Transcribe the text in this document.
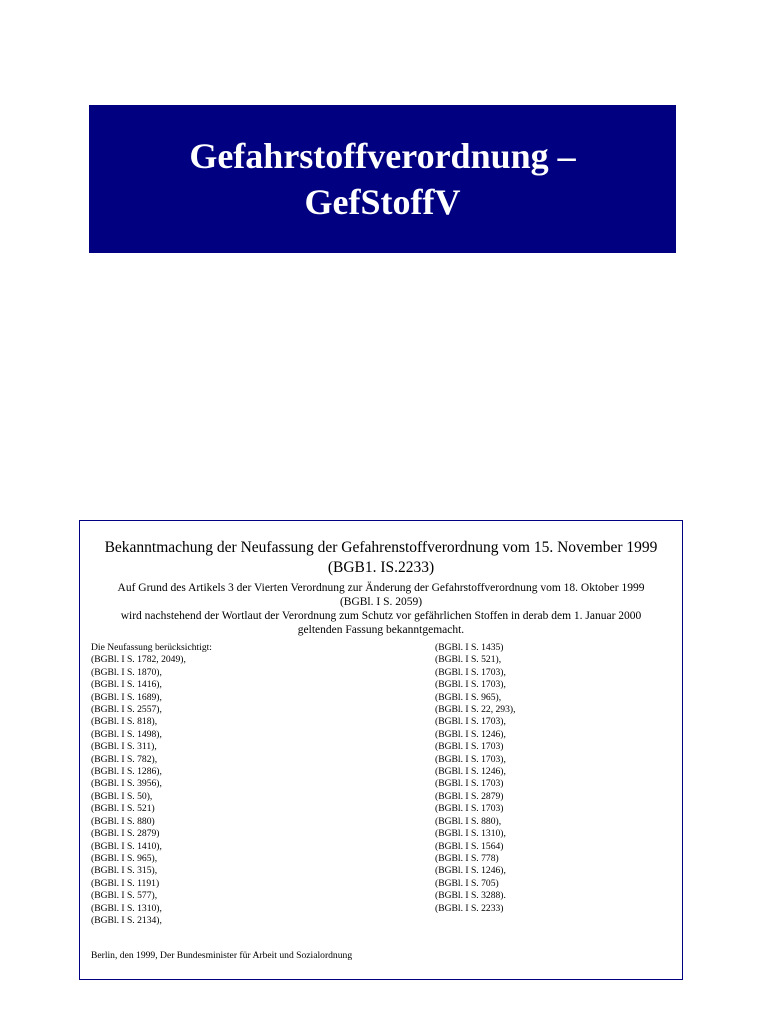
Gefahrstoffverordnung –
GefStoffV
Bekanntmachung der Neufassung der Gefahrenstoffverordnung vom 15. November 1999
(BGB1. IS.2233)
Auf Grund des Artikels 3 der Vierten Verordnung zur Änderung der Gefahrstoffverordnung vom 18. Oktober 1999
(BGBl. I S. 2059)
wird nachstehend der Wortlaut der Verordnung zum Schutz vor gefährlichen Stoffen in derab dem 1. Januar 2000
geltenden Fassung bekanntgemacht.
Die Neufassung berücksichtigt:
(BGBl. I S. 1782, 2049),
(BGBl. I S. 1870),
(BGBl. I S. 1416),
(BGBl. I S. 1689),
(BGBl. I S. 2557),
(BGBl. I S. 818),
(BGBl. I S. 1498),
(BGBl. I S. 311),
(BGBl. I S. 782),
(BGBl. I S. 1286),
(BGBl. I S. 3956),
(BGBl. I S. 50),
(BGBl. I S. 521)
(BGBl. I S. 880)
(BGBl. I S. 2879)
(BGBl. I S. 1410),
(BGBl. I S. 965),
(BGBl. I S. 315),
(BGBl. I S. 1191)
(BGBl. I S. 577),
(BGBl. I S. 1310),
(BGBl. I S. 2134),
(BGBl. I S. 1435)
(BGBl. I S. 521),
(BGBl. I S. 1703),
(BGBl. I S. 1703),
(BGBl. I S. 965),
(BGBl. I S. 22, 293),
(BGBl. I S. 1703),
(BGBl. I S. 1246),
(BGBl. I S. 1703)
(BGBl. I S. 1703),
(BGBl. I S. 1246),
(BGBl. I S. 1703)
(BGBl. I S. 2879)
(BGBl. I S. 1703)
(BGBl. I S. 880),
(BGBl. I S. 1310),
(BGBl. I S. 1564)
(BGBl. I S. 778)
(BGBl. I S. 1246),
(BGBl. I S. 705)
(BGBl. I S. 3288).
(BGBl. I S. 2233)
Berlin, den 1999, Der Bundesminister für Arbeit und Sozialordnung
